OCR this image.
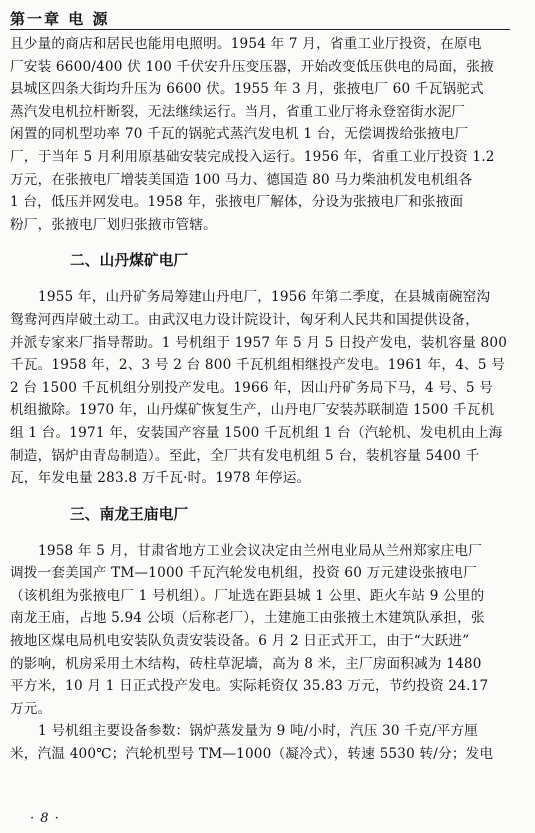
第一章 电 源
且少量的商店和居民也能用电照明。1954 年 7 月，省重工业厅投资，在原电
厂安装 6600/400 伏 100 千伏安升压变压器，开始改变低压供电的局面，张掖
县城区四条大街均升压为 6600 伏。1955 年 3 月，张掖电厂 60 千瓦锅驼式
蒸汽发电机拉杆断裂，无法继续运行。当月，省重工业厅将永登窑街水泥厂
闲置的同机型功率 70 千瓦的锅驼式蒸汽发电机 1 台，无偿调拨给张掖电厂
厂，于当年 5 月利用原基础安装完成投入运行。1956 年，省重工业厅投资 1.2
万元，在张掖电厂增装美国造 100 马力、德国造 80 马力柴油机发电机组各
1 台，低压并网发电。1958 年，张掖电厂解体，分设为张掖电厂和张掖面
粉厂，张掖电厂划归张掖市管辖。
二、山丹煤矿电厂
1955 年，山丹矿务局筹建山丹电厂，1956 年第二季度，在县城南碗窑沟
鸳鸯河西岸破土动工。由武汉电力设计院设计，匈牙利人民共和国提供设备，
并派专家来厂指导帮助。1 号机组于 1957 年 5 月 5 日投产发电，装机容量 800
千瓦。1958 年，2、3 号 2 台 800 千瓦机组相继投产发电。1961 年，4、5 号
2 台 1500 千瓦机组分别投产发电。1966 年，因山丹矿务局下马，4 号、5 号
机组撤除。1970 年，山丹煤矿恢复生产，山丹电厂安装苏联制造 1500 千瓦机
组 1 台。1971 年，安装国产容量 1500 千瓦机组 1 台（汽轮机、发电机由上海
制造，锅炉由青岛制造）。至此，全厂共有发电机组 5 台，装机容量 5400 千
瓦，年发电量 283.8 万千瓦·时。1978 年停运。
三、南龙王庙电厂
1958 年 5 月，甘肃省地方工业会议决定由兰州电业局从兰州郑家庄电厂
调拨一套美国产 TM—1000 千瓦汽轮发电机组，投资 60 万元建设张掖电厂
（该机组为张掖电厂 1 号机组）。厂址选在距县城 1 公里、距火车站 9 公里的
南龙王庙，占地 5.94 公顷（后称老厂），土建施工由张掖土木建筑队承担，张
掖地区煤电局机电安装队负责安装设备。6 月 2 日正式开工，由于“大跃进”
的影响，机房采用土木结构，砖柱草泥墙，高为 8 米，主厂房面积减为 1480
平方米，10 月 1 日正式投产发电。实际耗资仅 35.83 万元，节约投资 24.17
万元。
1 号机组主要设备参数：锅炉蒸发量为 9 吨/小时，汽压 30 千克/平方厘
米，汽温 400℃；汽轮机型号 TM—1000（凝冷式），转速 5530 转/分；发电
· 8 ·
